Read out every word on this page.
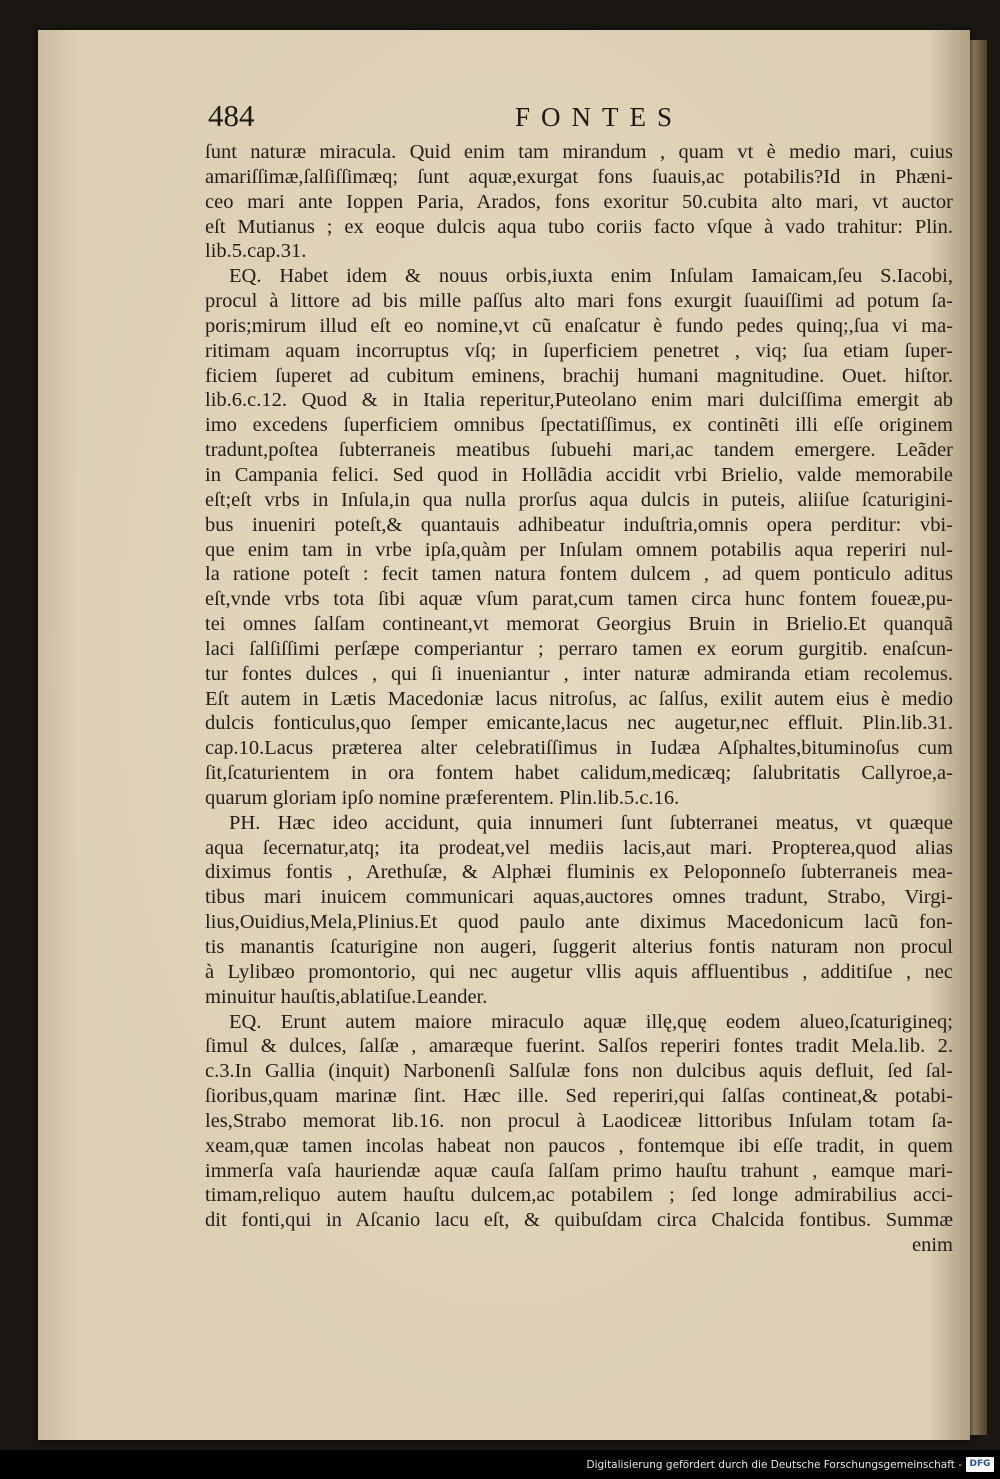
484	FONTES
ſunt naturæ miracula. Quid enim tam mirandum , quam vt è medio mari, cuius
amariſſimæ,ſalſiſſimæq; ſunt aquæ,exurgat fons ſuauis,ac potabilis?Id in Phæni-
ceo mari ante Ioppen Paria, Arados, fons exoritur 50.cubita alto mari, vt auctor
eſt Mutianus ; ex eoque dulcis aqua tubo coriis facto vſque à vado trahitur: Plin.
lib.5.cap.31.
EQ. Habet idem & nouus orbis,iuxta enim Inſulam Iamaicam,ſeu S.Iacobi,
procul à littore ad bis mille paſſus alto mari fons exurgit ſuauiſſimi ad potum ſa-
poris;mirum illud eſt eo nomine,vt cũ enaſcatur è fundo pedes quinq;,ſua vi ma-
ritimam aquam incorruptus vſq; in ſuperficiem penetret , viq; ſua etiam ſuper-
ficiem ſuperet ad cubitum eminens, brachij humani magnitudine. Ouet. hiſtor.
lib.6.c.12. Quod & in Italia reperitur,Puteolano enim mari dulciſſima emergit ab
imo excedens ſuperficiem omnibus ſpectatiſſimus, ex continẽti illi eſſe originem
tradunt,poſtea ſubterraneis meatibus ſubuehi mari,ac tandem emergere. Leãder
in Campania felici. Sed quod in Hollãdia accidit vrbi Brielio, valde memorabile
eſt;eſt vrbs in Inſula,in qua nulla prorſus aqua dulcis in puteis, aliiſue ſcaturigini-
bus inueniri poteſt,& quantauis adhibeatur induſtria,omnis opera perditur: vbi-
que enim tam in vrbe ipſa,quàm per Inſulam omnem potabilis aqua reperiri nul-
la ratione poteſt : fecit tamen natura fontem dulcem , ad quem ponticulo aditus
eſt,vnde vrbs tota ſibi aquæ vſum parat,cum tamen circa hunc fontem foueæ,pu-
tei omnes ſalſam contineant,vt memorat Georgius Bruin in Brielio.Et quanquã
laci ſalſiſſimi perſæpe comperiantur ; perraro tamen ex eorum gurgitib. enaſcun-
tur fontes dulces , qui ſi inueniantur , inter naturæ admiranda etiam recolemus.
Eſt autem in Lætis Macedoniæ lacus nitroſus, ac ſalſus, exilit autem eius è medio
dulcis fonticulus,quo ſemper emicante,lacus nec augetur,nec effluit. Plin.lib.31.
cap.10.Lacus præterea alter celebratiſſimus in Iudæa Aſphaltes,bituminoſus cum
ſit,ſcaturientem in ora fontem habet calidum,medicæq; ſalubritatis Callyroe,a-
quarum gloriam ipſo nomine præferentem. Plin.lib.5.c.16.
PH. Hæc ideo accidunt, quia innumeri ſunt ſubterranei meatus, vt quæque
aqua ſecernatur,atq; ita prodeat,vel mediis lacis,aut mari. Propterea,quod alias
diximus fontis , Arethuſæ, & Alphæi fluminis ex Peloponneſo ſubterraneis mea-
tibus mari inuicem communicari aquas,auctores omnes tradunt, Strabo, Virgi-
lius,Ouidius,Mela,Plinius.Et quod paulo ante diximus Macedonicum lacũ fon-
tis manantis ſcaturigine non augeri, ſuggerit alterius fontis naturam non procul
à Lylibæo promontorio, qui nec augetur vllis aquis affluentibus , additiſue , nec
minuitur hauſtis,ablatiſue.Leander.
EQ. Erunt autem maiore miraculo aquæ illę,quę eodem alueo,ſcaturigineq;
ſimul & dulces, ſalſæ , amaræque fuerint. Salſos reperiri fontes tradit Mela.lib. 2.
c.3.In Gallia (inquit) Narbonenſi Salſulæ fons non dulcibus aquis defluit, ſed ſal-
ſioribus,quam marinæ ſint. Hæc ille. Sed reperiri,qui ſalſas contineat,& potabi-
les,Strabo memorat lib.16. non procul à Laodiceæ littoribus Inſulam totam ſa-
xeam,quæ tamen incolas habeat non paucos , fontemque ibi eſſe tradit, in quem
immerſa vaſa hauriendæ aquæ cauſa ſalſam primo hauſtu trahunt , eamque mari-
timam,reliquo autem hauſtu dulcem,ac potabilem ; ſed longe admirabilius acci-
dit fonti,qui in Aſcanio lacu eſt, & quibuſdam circa Chalcida fontibus. Summæ
enim
Digitalisierung gefördert durch die Deutsche Forschungsgemeinschaft - DFG
